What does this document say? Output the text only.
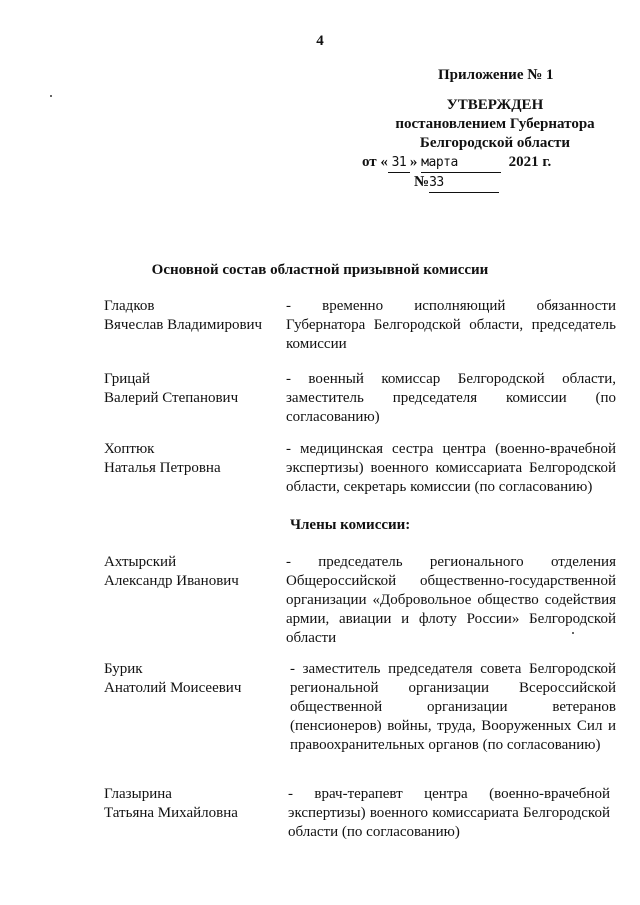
4
Приложение № 1
УТВЕРЖДЕН
постановлением Губернатора
Белгородской области
от « 31 » марта	2021 г.
№33
Основной состав областной призывной комиссии
Гладков
Вячеслав Владимирович
- временно исполняющий обязанности Губернатора Белгородской области, председатель комиссии
Грицай
Валерий Степанович
- военный комиссар Белгородской области, заместитель председателя комиссии (по согласованию)
Хоптюк
Наталья Петровна
- медицинская сестра центра (военно-врачебной экспертизы) военного комиссариата Белгородской области, секретарь комиссии (по согласованию)
Члены комиссии:
Ахтырский
Александр Иванович
- председатель регионального отделения Общероссийской общественно-государственной организации «Добровольное общество содействия армии, авиации и флоту России» Белгородской области
Бурик
Анатолий Моисеевич
- заместитель председателя совета Белгородской региональной организации Всероссийской общественной организации ветеранов (пенсионеров) войны, труда, Вооруженных Сил и правоохранительных органов (по согласованию)
Глазырина
Татьяна Михайловна
- врач-терапевт центра (военно-врачебной экспертизы) военного комиссариата Белгородской области (по согласованию)
